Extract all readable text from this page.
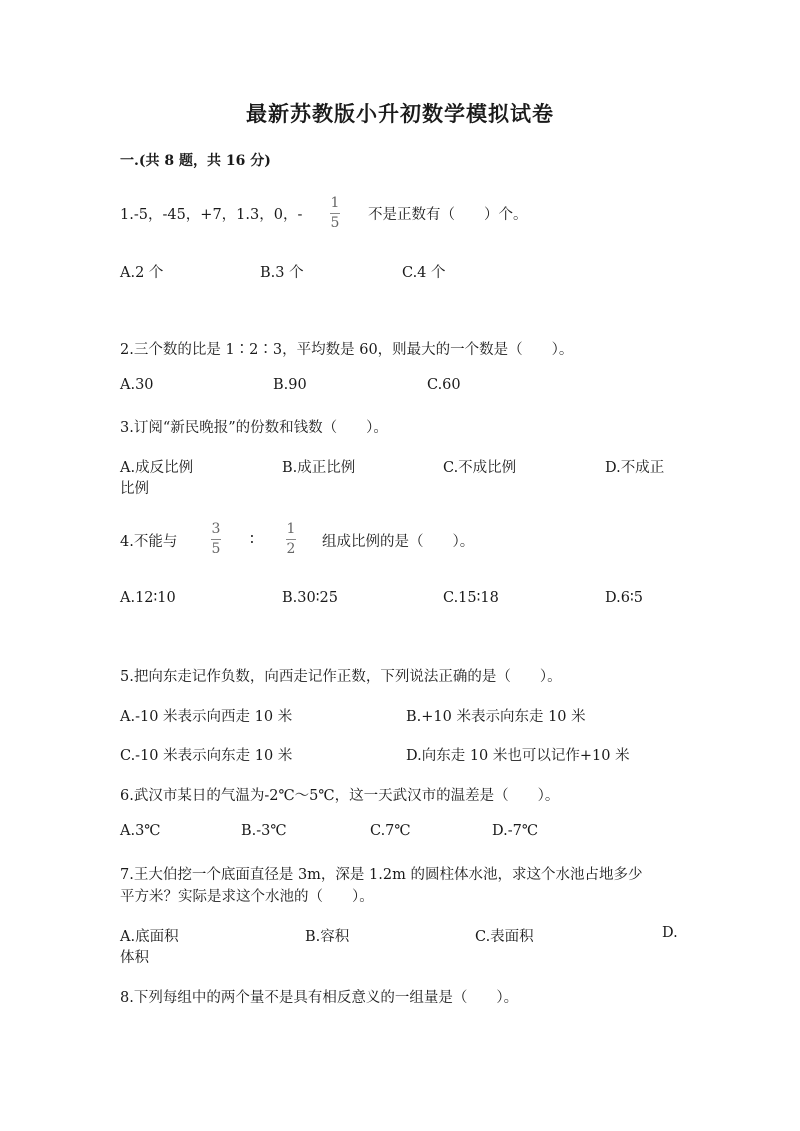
最新苏教版小升初数学模拟试卷
一.(共 8 题，共 16 分)
1.-5，-45，+7，1.3，0，-
1
5 不是正数有（　　）个。
A.2 个	B.3 个	C.4 个
2.三个数的比是 1∶2∶3，平均数是 60，则最大的一个数是（　　）。
A.30	B.90	C.60
3.订阅“新民晚报”的份数和钱数（　　）。
A.成反比例	B.成正比例	C.不成比例	D.不成正
比例
4.不能与
3
5
∶
1
2 组成比例的是（　　）。
A.12∶10	B.30∶25	C.15∶18	D.6∶5
5.把向东走记作负数，向西走记作正数，下列说法正确的是（　　）。
A.-10 米表示向西走 10 米	B.+10 米表示向东走 10 米
C.-10 米表示向东走 10 米	D.向东走 10 米也可以记作+10 米
6.武汉市某日的气温为-2℃～5℃，这一天武汉市的温差是（　　）。
A.3℃	B.-3℃	C.7℃	D.-7℃
7.王大伯挖一个底面直径是 3m，深是 1.2m 的圆柱体水池，求这个水池占地多少
平方米？实际是求这个水池的（　　）。
A.底面积	B.容积	C.表面积	D.
体积
8.下列每组中的两个量不是具有相反意义的一组量是（　　）。
